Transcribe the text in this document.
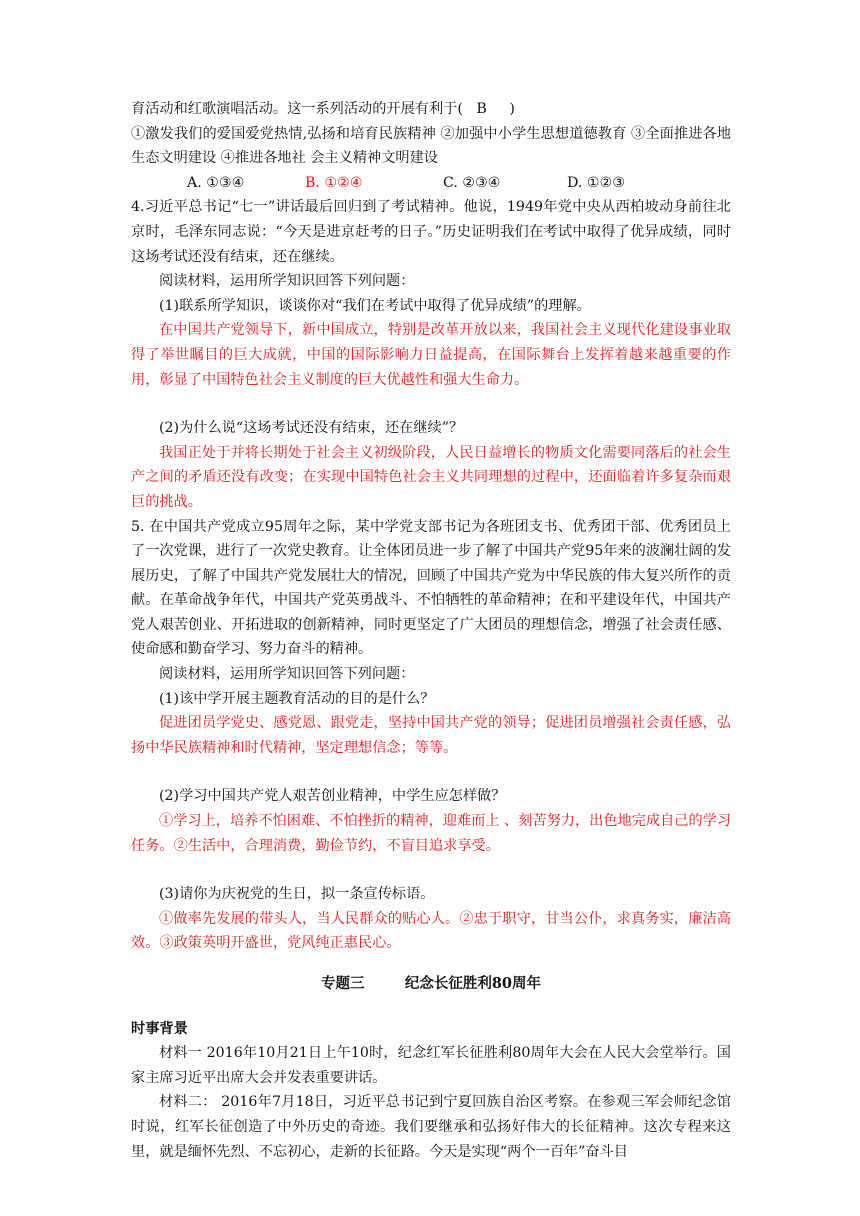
育活动和红歌演唱活动。这一系列活动的开展有利于( B )

①激发我们的爱国爱党热情,弘扬和培育民族精神 ②加强中小学生思想道德教育 ③全面推进各地生态文明建设 ④推进各地社 会主义精神文明建设

A. ①③④	B. ①②④	C. ②③④	D. ①②③

4.习近平总书记“七一”讲话最后回归到了考试精神。他说，1949年党中央从西柏坡动身前往北京时，毛泽东同志说：“今天是进京赶考的日子。”历史证明我们在考试中取得了优异成绩，同时这场考试还没有结束，还在继续。

阅读材料，运用所学知识回答下列问题：

(1)联系所学知识，谈谈你对“我们在考试中取得了优异成绩”的理解。

在中国共产党领导下，新中国成立，特别是改革开放以来，我国社会主义现代化建设事业取得了举世瞩目的巨大成就，中国的国际影响力日益提高，在国际舞台上发挥着越来越重要的作用，彰显了中国特色社会主义制度的巨大优越性和强大生命力。

(2)为什么说“这场考试还没有结束，还在继续”？

我国正处于并将长期处于社会主义初级阶段，人民日益增长的物质文化需要同落后的社会生产之间的矛盾还没有改变；在实现中国特色社会主义共同理想的过程中，还面临着许多复杂而艰巨的挑战。

5. 在中国共产党成立95周年之际，某中学党支部书记为各班团支书、优秀团干部、优秀团员上了一次党课，进行了一次党史教育。让全体团员进一步了解了中国共产党95年来的波澜壮阔的发展历史，了解了中国共产党发展壮大的情况，回顾了中国共产党为中华民族的伟大复兴所作的贡献。在革命战争年代，中国共产党英勇战斗、不怕牺牲的革命精神；在和平建设年代，中国共产党人艰苦创业、开拓进取的创新精神，同时更坚定了广大团员的理想信念，增强了社会责任感、使命感和勤奋学习、努力奋斗的精神。

阅读材料，运用所学知识回答下列问题：

(1)该中学开展主题教育活动的目的是什么？

促进团员学党史、感党恩、跟党走，坚持中国共产党的领导；促进团员增强社会责任感，弘扬中华民族精神和时代精神，坚定理想信念；等等。

(2)学习中国共产党人艰苦创业精神，中学生应怎样做？

①学习上，培养不怕困难、不怕挫折的精神，迎难而上 、刻苦努力，出色地完成自己的学习任务。②生活中，合理消费，勤俭节约，不盲目追求享受。

(3)请你为庆祝党的生日，拟一条宣传标语。

①做率先发展的带头人，当人民群众的贴心人。②忠于职守，甘当公仆，求真务实，廉洁高效。③政策英明开盛世，党风纯正惠民心。

专题三	纪念长征胜利80周年

时事背景

材料一 2016年10月21日上午10时，纪念红军长征胜利80周年大会在人民大会堂举行。国家主席习近平出席大会并发表重要讲话。

材料二： 2016年7月18日，习近平总书记到宁夏回族自治区考察。在参观三军会师纪念馆时说，红军长征创造了中外历史的奇迹。我们要继承和弘扬好伟大的长征精神。这次专程来这里，就是缅怀先烈、不忘初心，走新的长征路。今天是实现“两个一百年”奋斗目
